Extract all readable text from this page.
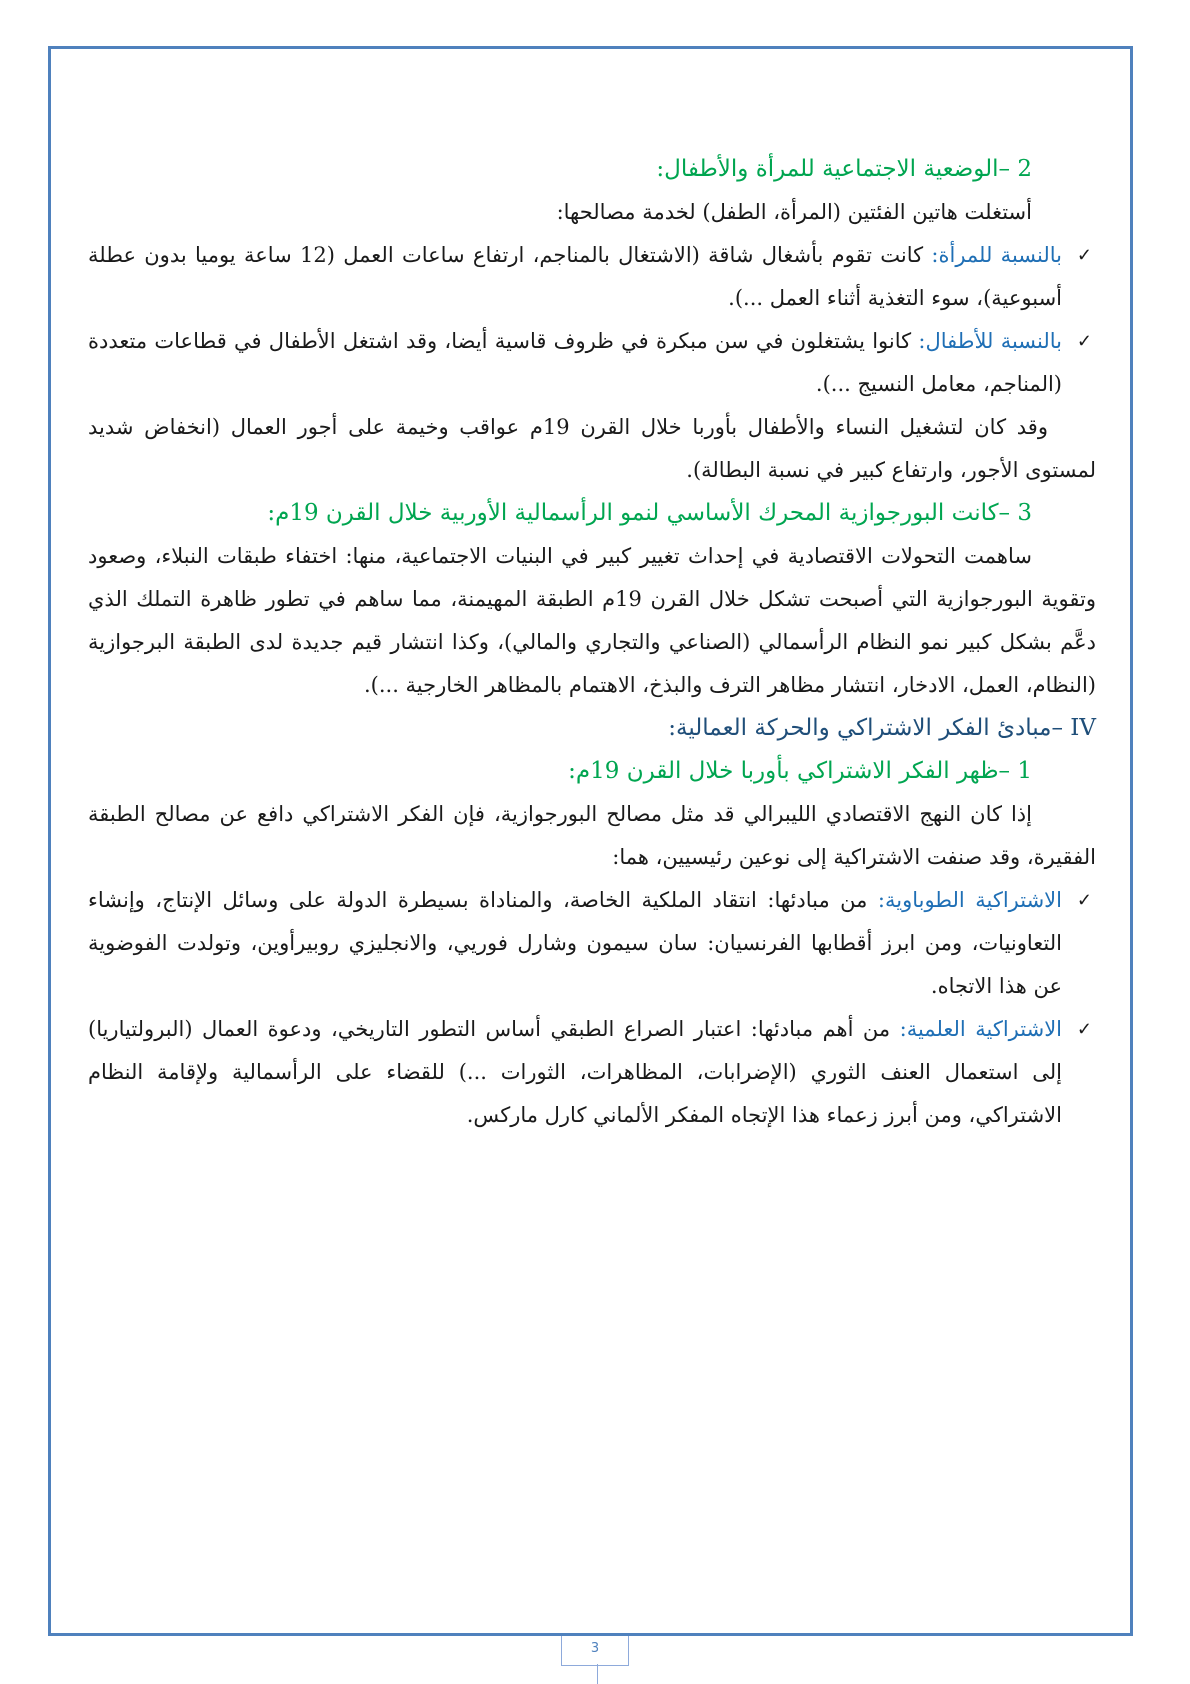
2 –الوضعية الاجتماعية للمرأة والأطفال:

أستغلت هاتين الفئتين (المرأة، الطفل) لخدمة مصالحها:

✓
بالنسبة للمرأة: كانت تقوم بأشغال شاقة (الاشتغال بالمناجم، ارتفاع ساعات العمل (12 ساعة يوميا بدون عطلة أسبوعية)، سوء التغذية أثناء العمل ...).

✓
بالنسبة للأطفال: كانوا يشتغلون في سن مبكرة في ظروف قاسية أيضا، وقد اشتغل الأطفال في قطاعات متعددة (المناجم، معامل النسيج ...).

وقد كان لتشغيل النساء والأطفال بأوربا خلال القرن 19م عواقب وخيمة على أجور العمال (انخفاض شديد لمستوى الأجور، وارتفاع كبير في نسبة البطالة).

3 –كانت البورجوازية المحرك الأساسي لنمو الرأسمالية الأوربية خلال القرن 19م:

ساهمت التحولات الاقتصادية في إحداث تغيير كبير في البنيات الاجتماعية، منها: اختفاء طبقات النبلاء، وصعود وتقوية البورجوازية التي أصبحت تشكل خلال القرن 19م الطبقة المهيمنة، مما ساهم في تطور ظاهرة التملك الذي دعَّم بشكل كبير نمو النظام الرأسمالي (الصناعي والتجاري والمالي)، وكذا انتشار قيم جديدة لدى الطبقة البرجوازية (النظام، العمل، الادخار، انتشار مظاهر الترف والبذخ، الاهتمام بالمظاهر الخارجية ...).

IV –مبادئ الفكر الاشتراكي والحركة العمالية:

1 –ظهر الفكر الاشتراكي بأوربا خلال القرن 19م:

إذا كان النهج الاقتصادي الليبرالي قد مثل مصالح البورجوازية، فإن الفكر الاشتراكي دافع عن مصالح الطبقة الفقيرة، وقد صنفت الاشتراكية إلى نوعين رئيسيين، هما:

✓
الاشتراكية الطوباوية: من مبادئها: انتقاد الملكية الخاصة، والمناداة بسيطرة الدولة على وسائل الإنتاج، وإنشاء التعاونيات، ومن ابرز أقطابها الفرنسيان: سان سيمون وشارل فوريي، والانجليزي روبيرأوين، وتولدت الفوضوية عن هذا الاتجاه.

✓
الاشتراكية العلمية: من أهم مبادئها: اعتبار الصراع الطبقي أساس التطور التاريخي، ودعوة العمال (البرولتياريا) إلى استعمال العنف الثوري (الإضرابات، المظاهرات، الثورات ...) للقضاء على الرأسمالية ولإقامة النظام الاشتراكي، ومن أبرز زعماء هذا الإتجاه المفكر الألماني كارل ماركس.

3
